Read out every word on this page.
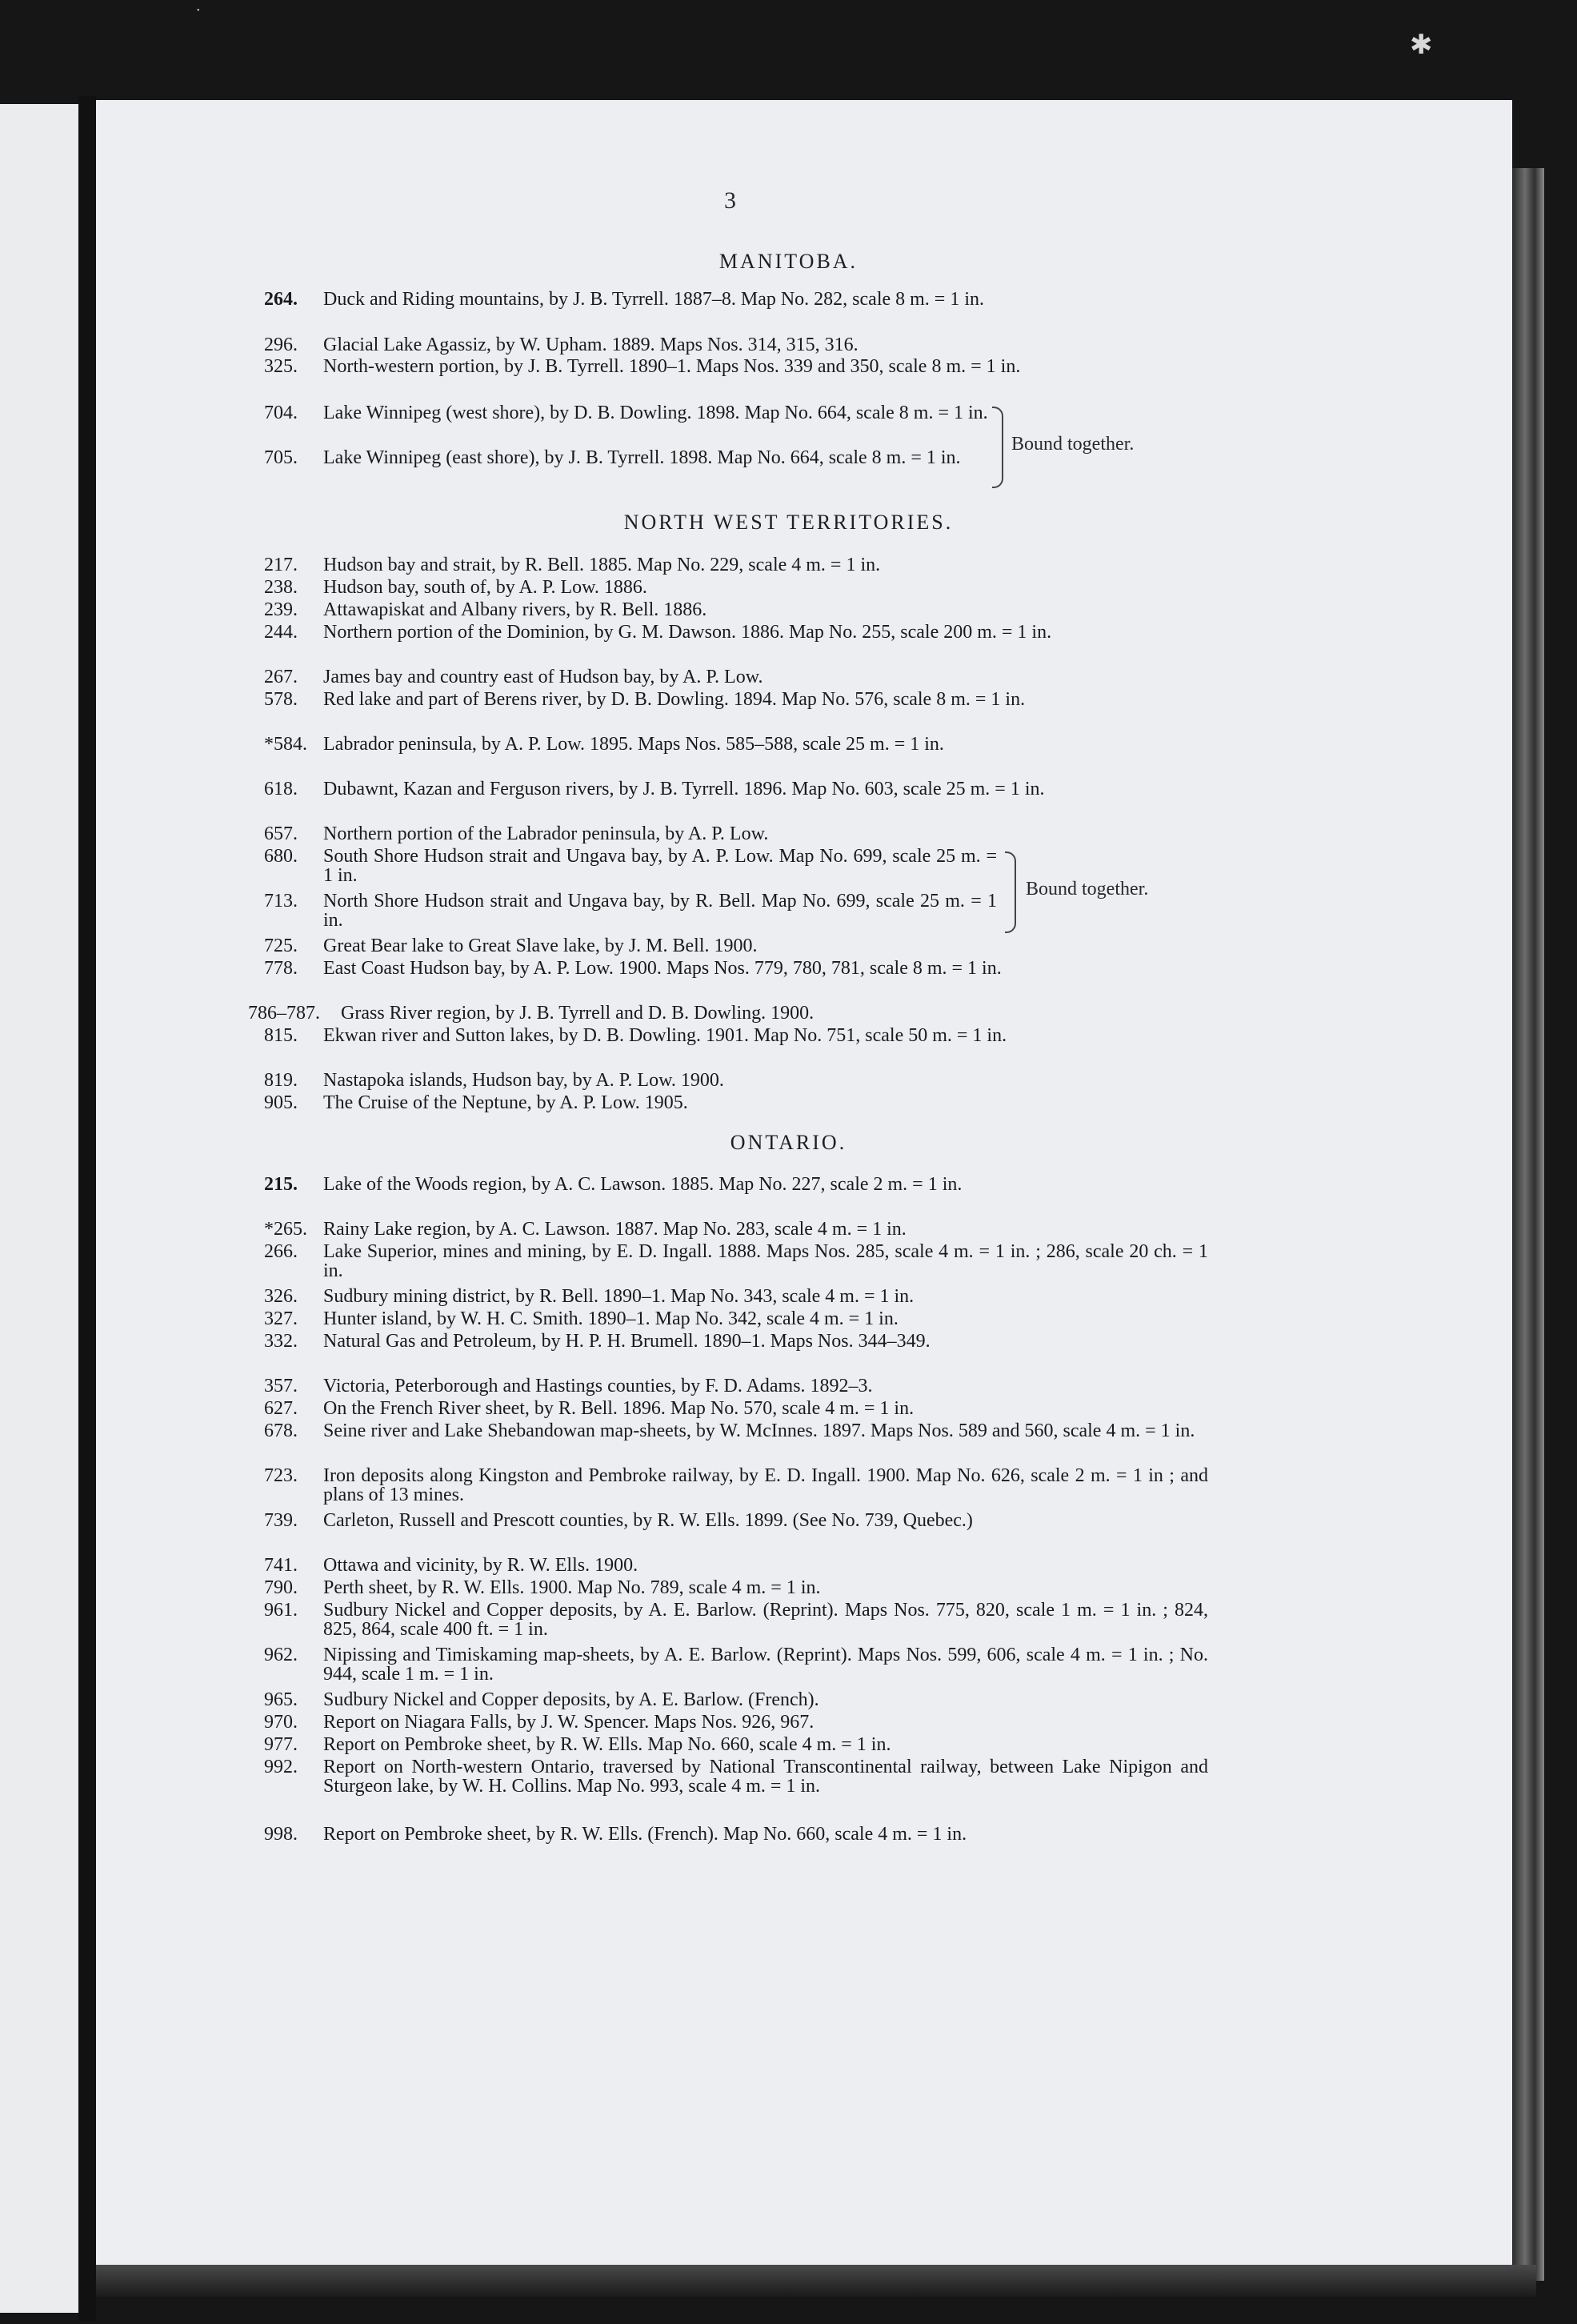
✱
•
3
MANITOBA.
NORTH WEST TERRITORIES.
ONTARIO.
264.	Duck and Riding mountains, by J. B. Tyrrell. 1887–8. Map No. 282, scale 8 m. = 1 in.
296.	Glacial Lake Agassiz, by W. Upham. 1889. Maps Nos. 314, 315, 316.
325.	North-western portion, by J. B. Tyrrell. 1890–1. Maps Nos. 339 and 350, scale 8 m. = 1 in.
704. Lake Winnipeg (west shore), by D. B. Dowling. 1898. Map No. 664, scale 8 m. = 1 in.
705. Lake Winnipeg (east shore), by J. B. Tyrrell. 1898. Map No. 664, scale 8 m. = 1 in.
Bound together.
217.	Hudson bay and strait, by R. Bell. 1885. Map No. 229, scale 4 m. = 1 in.
238.	Hudson bay, south of, by A. P. Low. 1886.
239.	Attawapiskat and Albany rivers, by R. Bell. 1886.
244.	Northern portion of the Dominion, by G. M. Dawson. 1886. Map No. 255, scale 200 m. = 1 in.
267.	James bay and country east of Hudson bay, by A. P. Low.
578.	Red lake and part of Berens river, by D. B. Dowling. 1894. Map No. 576, scale 8 m. = 1 in.
*584. Labrador peninsula, by A. P. Low. 1895. Maps Nos. 585–588, scale 25 m. = 1 in.
618.	Dubawnt, Kazan and Ferguson rivers, by J. B. Tyrrell. 1896. Map No. 603, scale 25 m. = 1 in.
657.	Northern portion of the Labrador peninsula, by A. P. Low.
680. South Shore Hudson strait and Ungava bay, by A. P. Low. Map No. 699, scale 25 m. = 1 in.
713. North Shore Hudson strait and Ungava bay, by R. Bell. Map No. 699, scale 25 m. = 1 in.
Bound together.
725.	Great Bear lake to Great Slave lake, by J. M. Bell. 1900.
778.	East Coast Hudson bay, by A. P. Low. 1900. Maps Nos. 779, 780, 781, scale 8 m. = 1 in.
786–787.	Grass River region, by J. B. Tyrrell and D. B. Dowling. 1900.
815.	Ekwan river and Sutton lakes, by D. B. Dowling. 1901. Map No. 751, scale 50 m. = 1 in.
819.	Nastapoka islands, Hudson bay, by A. P. Low. 1900.
905.	The Cruise of the Neptune, by A. P. Low. 1905.
215.	Lake of the Woods region, by A. C. Lawson. 1885. Map No. 227, scale 2 m. = 1 in.
*265. Rainy Lake region, by A. C. Lawson. 1887. Map No. 283, scale 4 m. = 1 in.
266.	Lake Superior, mines and mining, by E. D. Ingall. 1888. Maps Nos. 285, scale 4 m. = 1 in. ; 286, scale 20 ch. = 1 in.
326.	Sudbury mining district, by R. Bell. 1890–1. Map No. 343, scale 4 m. = 1 in.
327.	Hunter island, by W. H. C. Smith. 1890–1. Map No. 342, scale 4 m. = 1 in.
332.	Natural Gas and Petroleum, by H. P. H. Brumell. 1890–1. Maps Nos. 344–349.
357.	Victoria, Peterborough and Hastings counties, by F. D. Adams. 1892–3.
627.	On the French River sheet, by R. Bell. 1896. Map No. 570, scale 4 m. = 1 in.
678.	Seine river and Lake Shebandowan map-sheets, by W. McInnes. 1897. Maps Nos. 589 and 560, scale 4 m. = 1 in.
723.	Iron deposits along Kingston and Pembroke railway, by E. D. Ingall. 1900. Map No. 626, scale 2 m. = 1 in ; and plans of 13 mines.
739.	Carleton, Russell and Prescott counties, by R. W. Ells. 1899. (See No. 739, Quebec.)
741.	Ottawa and vicinity, by R. W. Ells. 1900.
790.	Perth sheet, by R. W. Ells. 1900. Map No. 789, scale 4 m. = 1 in.
961.	Sudbury Nickel and Copper deposits, by A. E. Barlow. (Reprint). Maps Nos. 775, 820, scale 1 m. = 1 in. ; 824, 825, 864, scale 400 ft. = 1 in.
962.	Nipissing and Timiskaming map-sheets, by A. E. Barlow. (Reprint). Maps Nos. 599, 606, scale 4 m. = 1 in. ; No. 944, scale 1 m. = 1 in.
965.	Sudbury Nickel and Copper deposits, by A. E. Barlow. (French).
970.	Report on Niagara Falls, by J. W. Spencer. Maps Nos. 926, 967.
977.	Report on Pembroke sheet, by R. W. Ells. Map No. 660, scale 4 m. = 1 in.
992.	Report on North-western Ontario, traversed by National Transcontinental railway, between Lake Nipigon and Sturgeon lake, by W. H. Collins. Map No. 993, scale 4 m. = 1 in.
998.	Report on Pembroke sheet, by R. W. Ells. (French). Map No. 660, scale 4 m. = 1 in.
